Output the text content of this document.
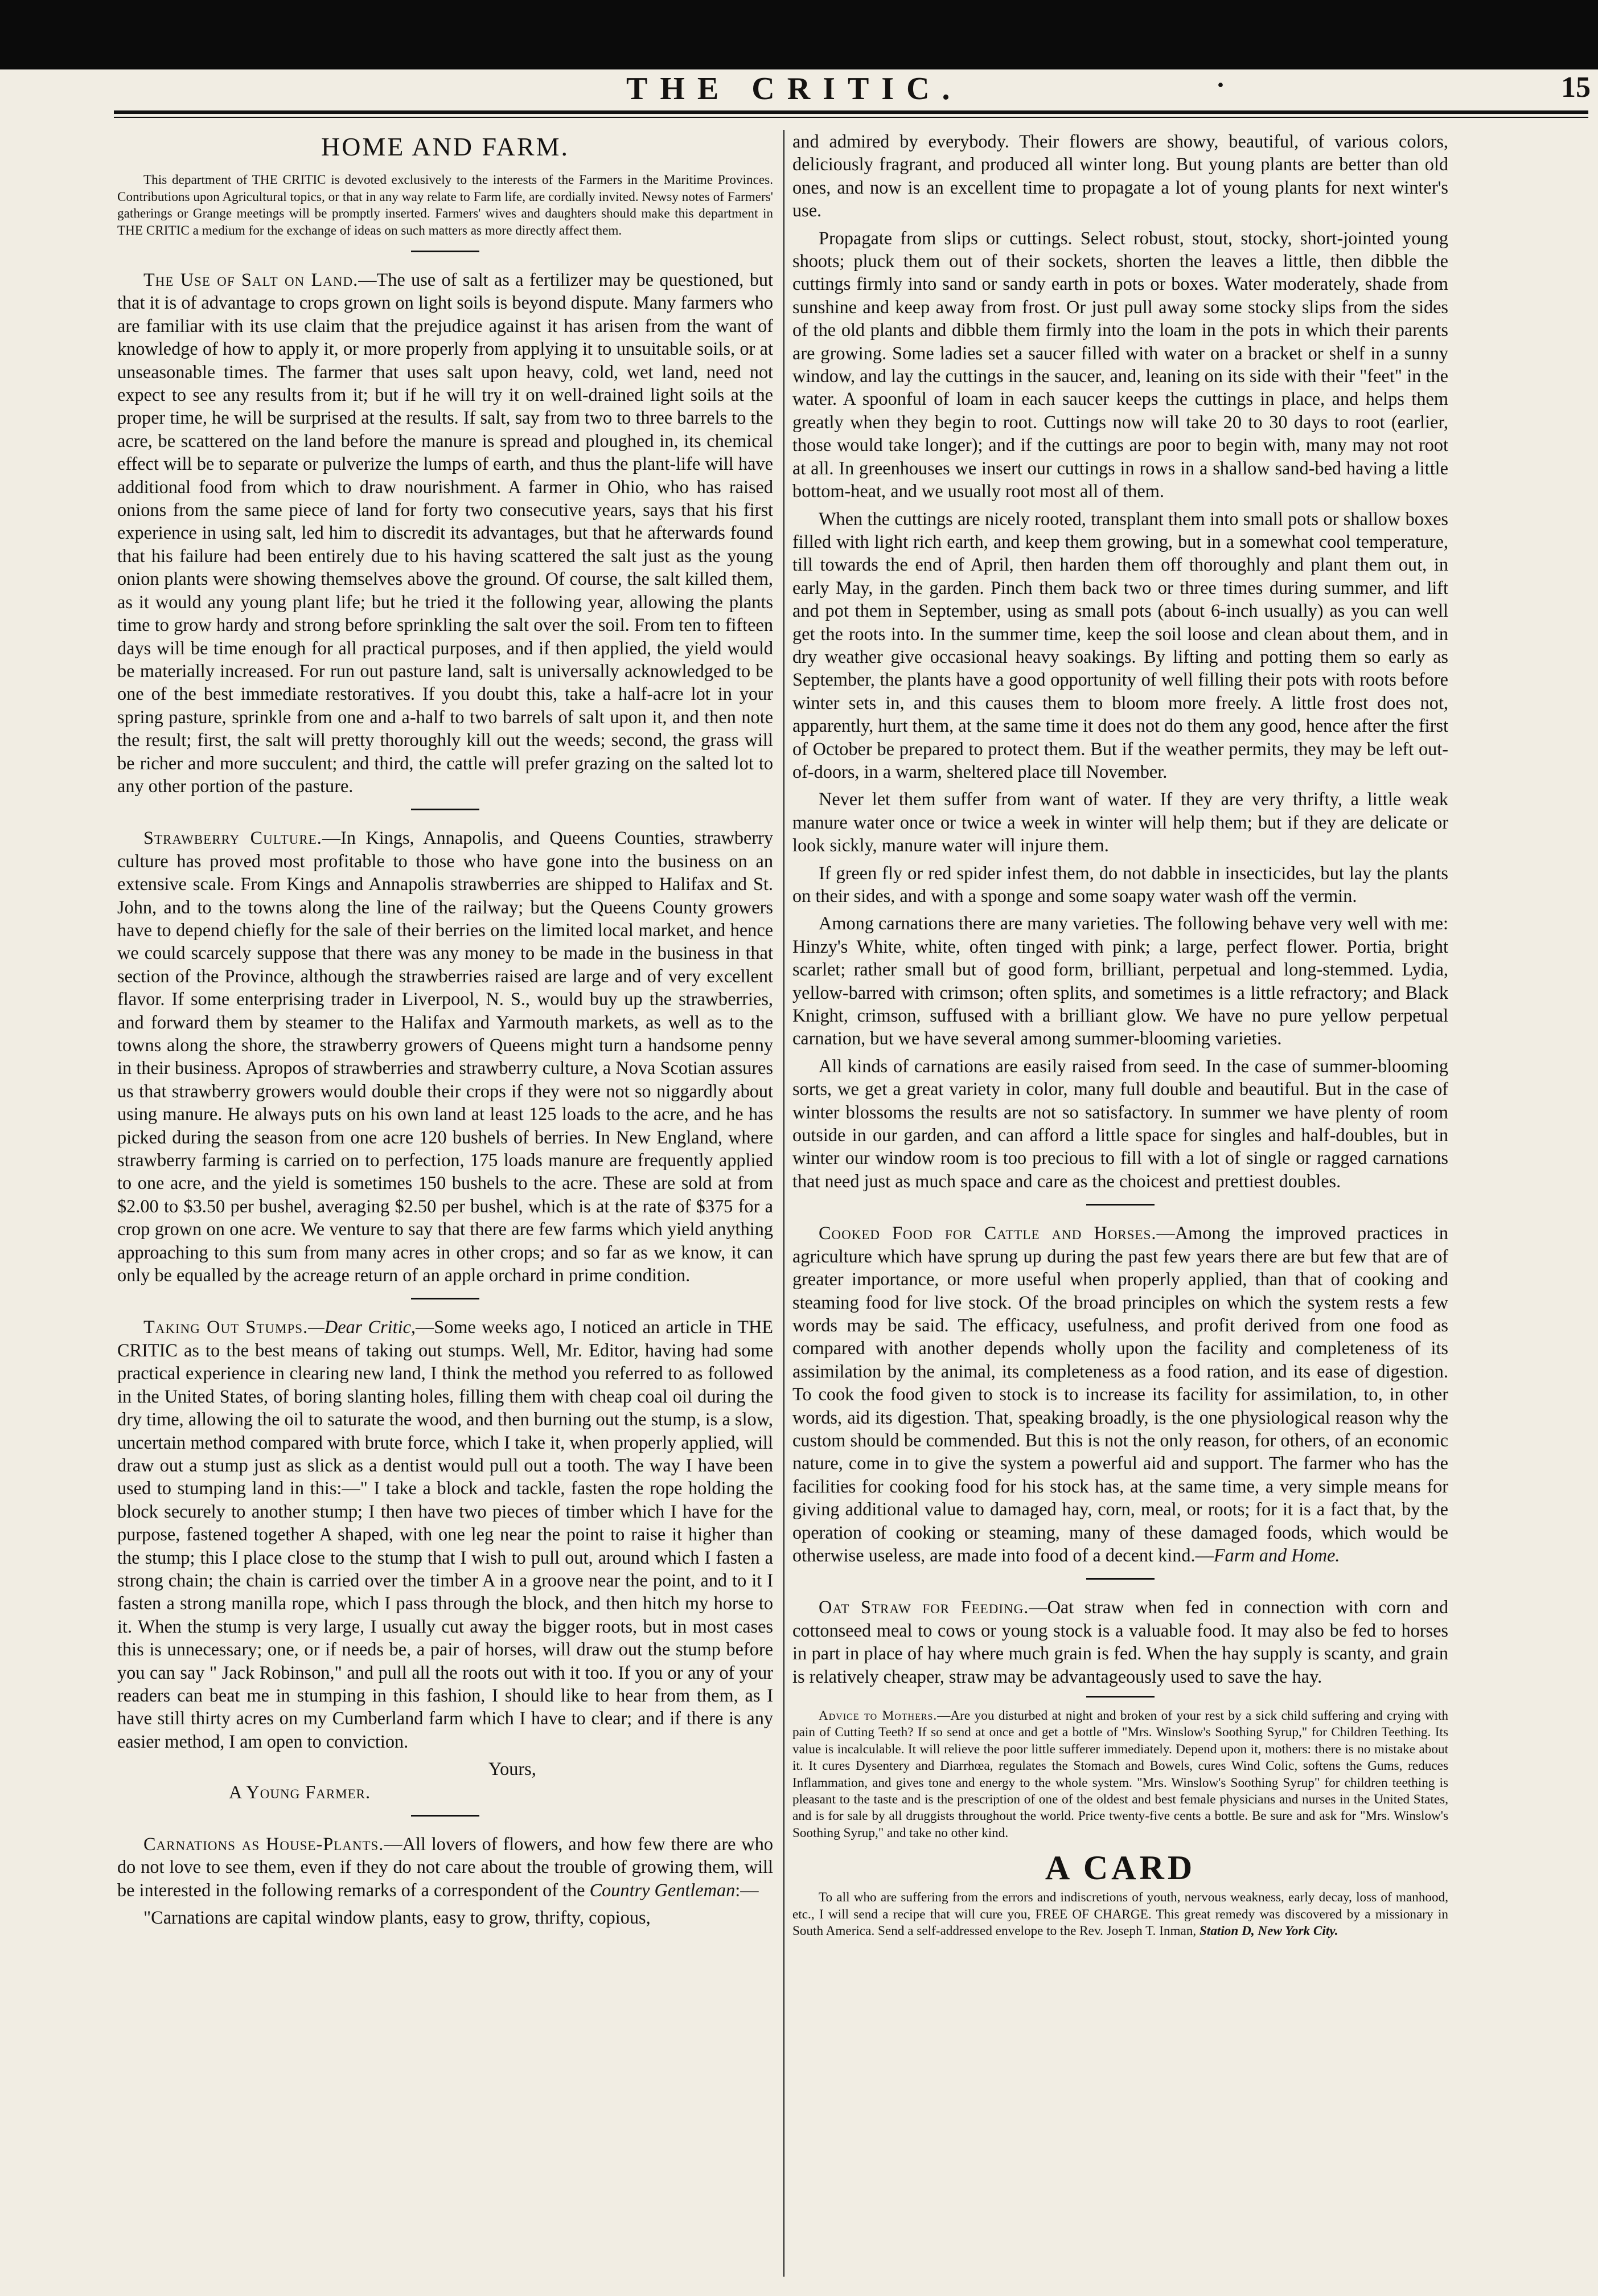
THE CRITIC.	·	15
HOME AND FARM.

This department of THE CRITIC is devoted exclusively to the interests of the Farmers in the Maritime Provinces. Contributions upon Agricultural topics, or that in any way relate to Farm life, are cordially invited. Newsy notes of Farmers' gatherings or Grange meetings will be promptly inserted. Farmers' wives and daughters should make this department in THE CRITIC a medium for the exchange of ideas on such matters as more directly affect them.

The Use of Salt on Land.—The use of salt as a fertilizer may be questioned, but that it is of advantage to crops grown on light soils is beyond dispute. Many farmers who are familiar with its use claim that the prejudice against it has arisen from the want of knowledge of how to apply it, or more properly from applying it to unsuitable soils, or at unseasonable times. The farmer that uses salt upon heavy, cold, wet land, need not expect to see any results from it; but if he will try it on well-drained light soils at the proper time, he will be surprised at the results. If salt, say from two to three barrels to the acre, be scattered on the land before the manure is spread and ploughed in, its chemical effect will be to separate or pulverize the lumps of earth, and thus the plant-life will have additional food from which to draw nourishment. A farmer in Ohio, who has raised onions from the same piece of land for forty two consecutive years, says that his first experience in using salt, led him to discredit its advantages, but that he afterwards found that his failure had been entirely due to his having scattered the salt just as the young onion plants were showing themselves above the ground. Of course, the salt killed them, as it would any young plant life; but he tried it the following year, allowing the plants time to grow hardy and strong before sprinkling the salt over the soil. From ten to fifteen days will be time enough for all practical purposes, and if then applied, the yield would be materially increased. For run out pasture land, salt is universally acknowledged to be one of the best immediate restoratives. If you doubt this, take a half-acre lot in your spring pasture, sprinkle from one and a-half to two barrels of salt upon it, and then note the result; first, the salt will pretty thoroughly kill out the weeds; second, the grass will be richer and more succulent; and third, the cattle will prefer grazing on the salted lot to any other portion of the pasture.

Strawberry Culture.—In Kings, Annapolis, and Queens Counties, strawberry culture has proved most profitable to those who have gone into the business on an extensive scale. From Kings and Annapolis strawberries are shipped to Halifax and St. John, and to the towns along the line of the railway; but the Queens County growers have to depend chiefly for the sale of their berries on the limited local market, and hence we could scarcely suppose that there was any money to be made in the business in that section of the Province, although the strawberries raised are large and of very excellent flavor. If some enterprising trader in Liverpool, N. S., would buy up the strawberries, and forward them by steamer to the Halifax and Yarmouth markets, as well as to the towns along the shore, the strawberry growers of Queens might turn a handsome penny in their business. Apropos of strawberries and strawberry culture, a Nova Scotian assures us that strawberry growers would double their crops if they were not so niggardly about using manure. He always puts on his own land at least 125 loads to the acre, and he has picked during the season from one acre 120 bushels of berries. In New England, where strawberry farming is carried on to perfection, 175 loads manure are frequently applied to one acre, and the yield is sometimes 150 bushels to the acre. These are sold at from $2.00 to $3.50 per bushel, averaging $2.50 per bushel, which is at the rate of $375 for a crop grown on one acre. We venture to say that there are few farms which yield anything approaching to this sum from many acres in other crops; and so far as we know, it can only be equalled by the acreage return of an apple orchard in prime condition.

Taking Out Stumps.—Dear Critic,—Some weeks ago, I noticed an article in THE CRITIC as to the best means of taking out stumps. Well, Mr. Editor, having had some practical experience in clearing new land, I think the method you referred to as followed in the United States, of boring slanting holes, filling them with cheap coal oil during the dry time, allowing the oil to saturate the wood, and then burning out the stump, is a slow, uncertain method compared with brute force, which I take it, when properly applied, will draw out a stump just as slick as a dentist would pull out a tooth. The way I have been used to stumping land in this:—" I take a block and tackle, fasten the rope holding the block securely to another stump; I then have two pieces of timber which I have for the purpose, fastened together A shaped, with one leg near the point to raise it higher than the stump; this I place close to the stump that I wish to pull out, around which I fasten a strong chain; the chain is carried over the timber A in a groove near the point, and to it I fasten a strong manilla rope, which I pass through the block, and then hitch my horse to it. When the stump is very large, I usually cut away the bigger roots, but in most cases this is unnecessary; one, or if needs be, a pair of horses, will draw out the stump before you can say " Jack Robinson," and pull all the roots out with it too. If you or any of your readers can beat me in stumping in this fashion, I should like to hear from them, as I have still thirty acres on my Cumberland farm which I have to clear; and if there is any easier method, I am open to conviction.

Yours,A Young Farmer.

Carnations as House-Plants.—All lovers of flowers, and how few there are who do not love to see them, even if they do not care about the trouble of growing them, will be interested in the following remarks of a correspondent of the Country Gentleman:—

"Carnations are capital window plants, easy to grow, thrifty, copious,

and admired by everybody. Their flowers are showy, beautiful, of various colors, deliciously fragrant, and produced all winter long. But young plants are better than old ones, and now is an excellent time to propagate a lot of young plants for next winter's use.

Propagate from slips or cuttings. Select robust, stout, stocky, short-jointed young shoots; pluck them out of their sockets, shorten the leaves a little, then dibble the cuttings firmly into sand or sandy earth in pots or boxes. Water moderately, shade from sunshine and keep away from frost. Or just pull away some stocky slips from the sides of the old plants and dibble them firmly into the loam in the pots in which their parents are growing. Some ladies set a saucer filled with water on a bracket or shelf in a sunny window, and lay the cuttings in the saucer, and, leaning on its side with their "feet" in the water. A spoonful of loam in each saucer keeps the cuttings in place, and helps them greatly when they begin to root. Cuttings now will take 20 to 30 days to root (earlier, those would take longer); and if the cuttings are poor to begin with, many may not root at all. In greenhouses we insert our cuttings in rows in a shallow sand-bed having a little bottom-heat, and we usually root most all of them.

When the cuttings are nicely rooted, transplant them into small pots or shallow boxes filled with light rich earth, and keep them growing, but in a somewhat cool temperature, till towards the end of April, then harden them off thoroughly and plant them out, in early May, in the garden. Pinch them back two or three times during summer, and lift and pot them in September, using as small pots (about 6-inch usually) as you can well get the roots into. In the summer time, keep the soil loose and clean about them, and in dry weather give occasional heavy soakings. By lifting and potting them so early as September, the plants have a good opportunity of well filling their pots with roots before winter sets in, and this causes them to bloom more freely. A little frost does not, apparently, hurt them, at the same time it does not do them any good, hence after the first of October be prepared to protect them. But if the weather permits, they may be left out-of-doors, in a warm, sheltered place till November.

Never let them suffer from want of water. If they are very thrifty, a little weak manure water once or twice a week in winter will help them; but if they are delicate or look sickly, manure water will injure them.

If green fly or red spider infest them, do not dabble in insecticides, but lay the plants on their sides, and with a sponge and some soapy water wash off the vermin.

Among carnations there are many varieties. The following behave very well with me: Hinzy's White, white, often tinged with pink; a large, perfect flower. Portia, bright scarlet; rather small but of good form, brilliant, perpetual and long-stemmed. Lydia, yellow-barred with crimson; often splits, and sometimes is a little refractory; and Black Knight, crimson, suffused with a brilliant glow. We have no pure yellow perpetual carnation, but we have several among summer-blooming varieties.

All kinds of carnations are easily raised from seed. In the case of summer-blooming sorts, we get a great variety in color, many full double and beautiful. But in the case of winter blossoms the results are not so satisfactory. In summer we have plenty of room outside in our garden, and can afford a little space for singles and half-doubles, but in winter our window room is too precious to fill with a lot of single or ragged carnations that need just as much space and care as the choicest and prettiest doubles.

Cooked Food for Cattle and Horses.—Among the improved practices in agriculture which have sprung up during the past few years there are but few that are of greater importance, or more useful when properly applied, than that of cooking and steaming food for live stock. Of the broad principles on which the system rests a few words may be said. The efficacy, usefulness, and profit derived from one food as compared with another depends wholly upon the facility and completeness of its assimilation by the animal, its completeness as a food ration, and its ease of digestion. To cook the food given to stock is to increase its facility for assimilation, to, in other words, aid its digestion. That, speaking broadly, is the one physiological reason why the custom should be commended. But this is not the only reason, for others, of an economic nature, come in to give the system a powerful aid and support. The farmer who has the facilities for cooking food for his stock has, at the same time, a very simple means for giving additional value to damaged hay, corn, meal, or roots; for it is a fact that, by the operation of cooking or steaming, many of these damaged foods, which would be otherwise useless, are made into food of a decent kind.—Farm and Home.

Oat Straw for Feeding.—Oat straw when fed in connection with corn and cottonseed meal to cows or young stock is a valuable food. It may also be fed to horses in part in place of hay where much grain is fed. When the hay supply is scanty, and grain is relatively cheaper, straw may be advantageously used to save the hay.

Advice to Mothers.—Are you disturbed at night and broken of your rest by a sick child suffering and crying with pain of Cutting Teeth? If so send at once and get a bottle of "Mrs. Winslow's Soothing Syrup," for Children Teething. Its value is incalculable. It will relieve the poor little sufferer immediately. Depend upon it, mothers: there is no mistake about it. It cures Dysentery and Diarrhœa, regulates the Stomach and Bowels, cures Wind Colic, softens the Gums, reduces Inflammation, and gives tone and energy to the whole system. "Mrs. Winslow's Soothing Syrup" for children teething is pleasant to the taste and is the prescription of one of the oldest and best female physicians and nurses in the United States, and is for sale by all druggists throughout the world. Price twenty-five cents a bottle. Be sure and ask for "Mrs. Winslow's Soothing Syrup," and take no other kind.

A CARD

To all who are suffering from the errors and indiscretions of youth, nervous weakness, early decay, loss of manhood, etc., I will send a recipe that will cure you, FREE OF CHARGE. This great remedy was discovered by a missionary in South America. Send a self-addressed envelope to the Rev. Joseph T. Inman, Station D, New York City.
